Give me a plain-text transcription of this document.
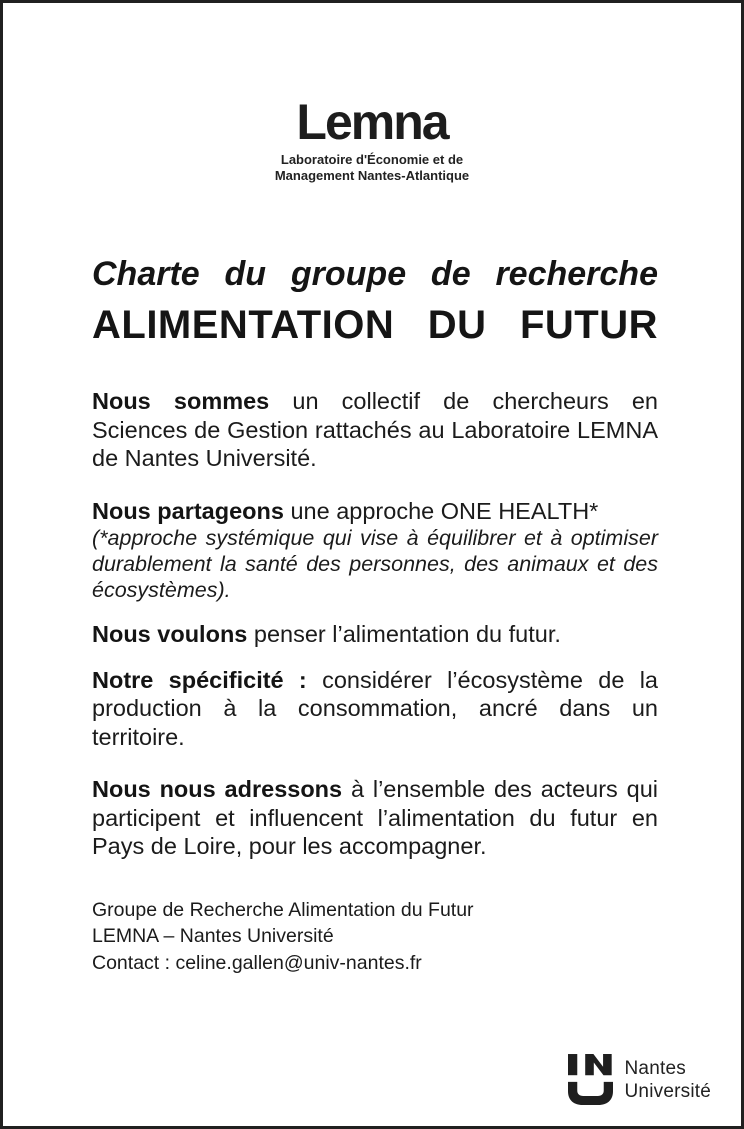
Lemna
Laboratoire d'Économie et de
Management Nantes-Atlantique
Charte du groupe de recherche
ALIMENTATION DU FUTUR

Nous sommes un collectif de chercheurs en Sciences de Gestion rattachés au Laboratoire LEMNA de Nantes Université.

Nous partageons une approche ONE HEALTH*
(*approche systémique qui vise à équilibrer et à optimiser durablement la santé des personnes, des animaux et des écosystèmes).

Nous voulons penser l’alimentation du futur.

Notre spécificité : considérer l’écosystème de la production à la consommation, ancré dans un territoire.

Nous nous adressons à l’ensemble des acteurs qui participent et influencent l’alimentation du futur en Pays de Loire, pour les accompagner.

Groupe de Recherche Alimentation du Futur
LEMNA – Nantes Université
Contact : celine.gallen@univ-nantes.fr
Nantes
Université
